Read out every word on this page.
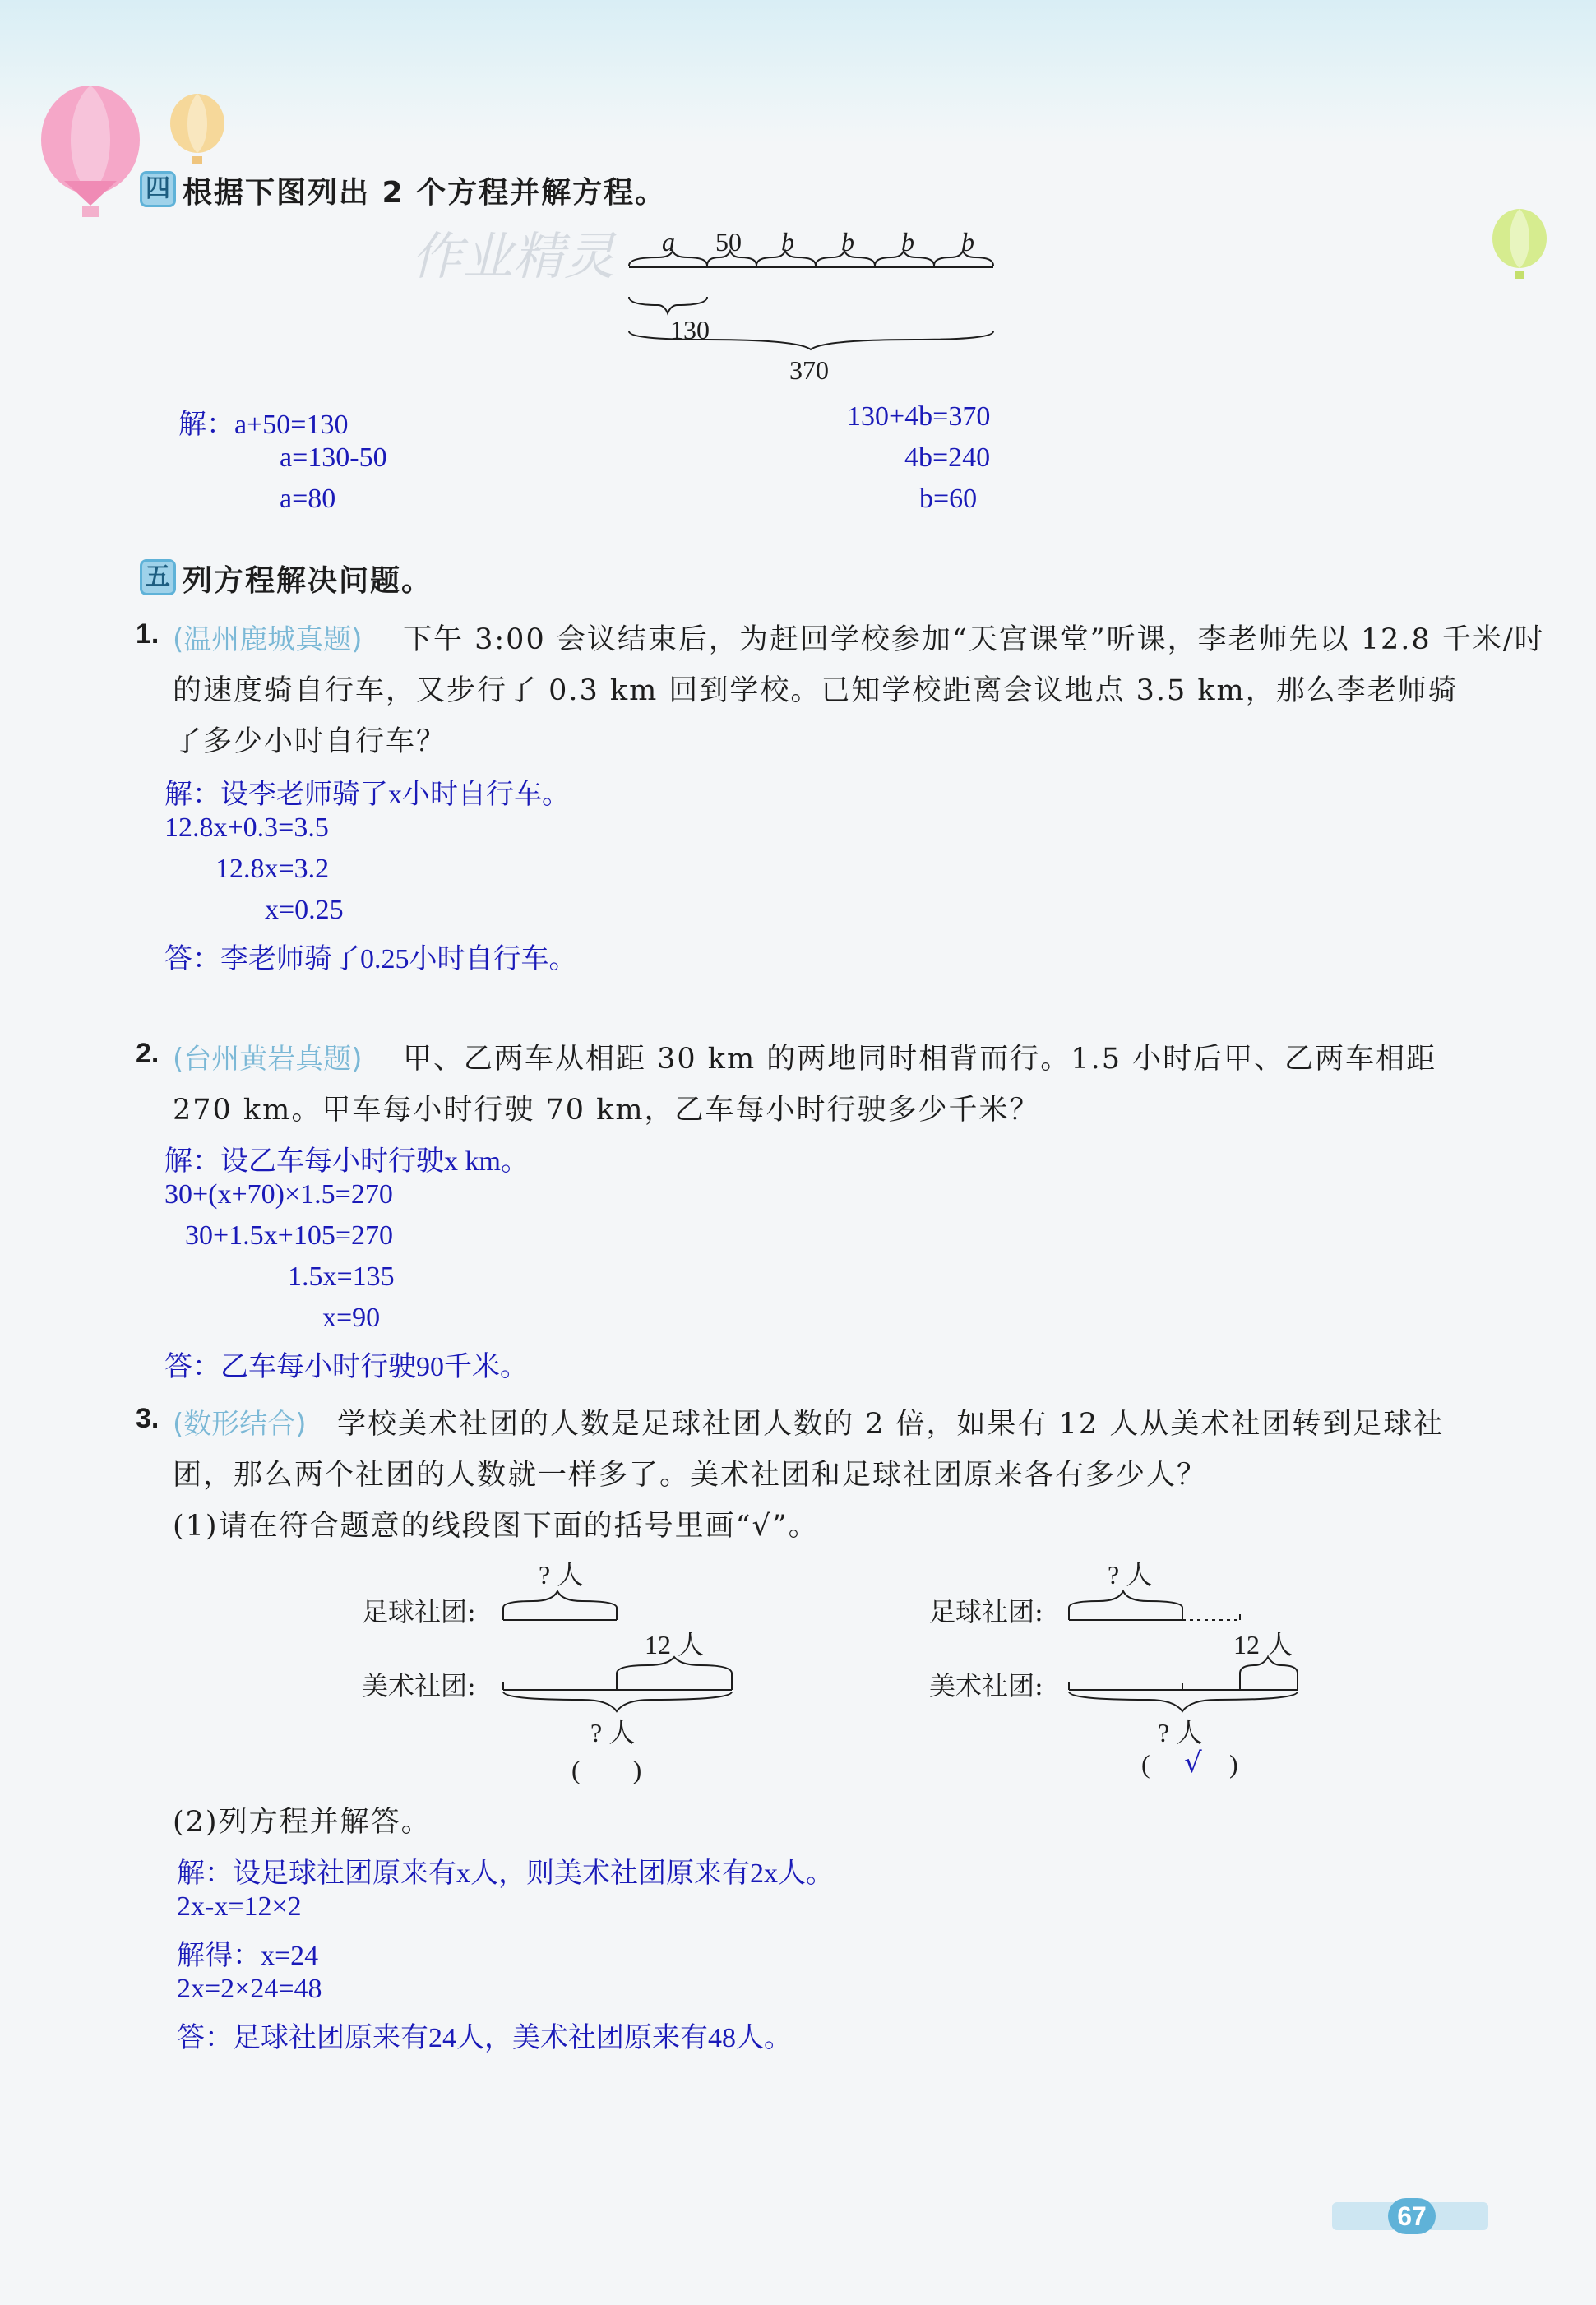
四 根据下图列出 2 个方程并解方程。
作业精灵 a 50 b b b b
130
370
解：a+50=130
a=130-50
a=80
130+4b=370
4b=240
b=60
五 列方程解决问题。
1. (温州鹿城真题) 下午 3:00 会议结束后，为赶回学校参加“天宫课堂”听课，李老师先以 12.8 千米/时
的速度骑自行车，又步行了 0.3 km 回到学校。已知学校距离会议地点 3.5 km，那么李老师骑
了多少小时自行车？
解：设李老师骑了x小时自行车。
12.8x+0.3=3.5
12.8x=3.2
x=0.25
答：李老师骑了0.25小时自行车。
2. (台州黄岩真题) 甲、乙两车从相距 30 km 的两地同时相背而行。1.5 小时后甲、乙两车相距
270 km。甲车每小时行驶 70 km，乙车每小时行驶多少千米？
解：设乙车每小时行驶x km。
30+(x+70)×1.5=270
30+1.5x+105=270
1.5x=135
x=90
答：乙车每小时行驶90千米。
3. (数形结合) 学校美术社团的人数是足球社团人数的 2 倍，如果有 12 人从美术社团转到足球社
团，那么两个社团的人数就一样多了。美术社团和足球社团原来各有多少人？
(1)请在符合题意的线段图下面的括号里画“√”。
足球社团:
美术社团:
? 人
12 人
? 人
(　　)
足球社团:
美术社团:
? 人
12 人
? 人
( √ )
(2)列方程并解答。
解：设足球社团原来有x人，则美术社团原来有2x人。
2x-x=12×2
解得：x=24
2x=2×24=48
答：足球社团原来有24人，美术社团原来有48人。
67
